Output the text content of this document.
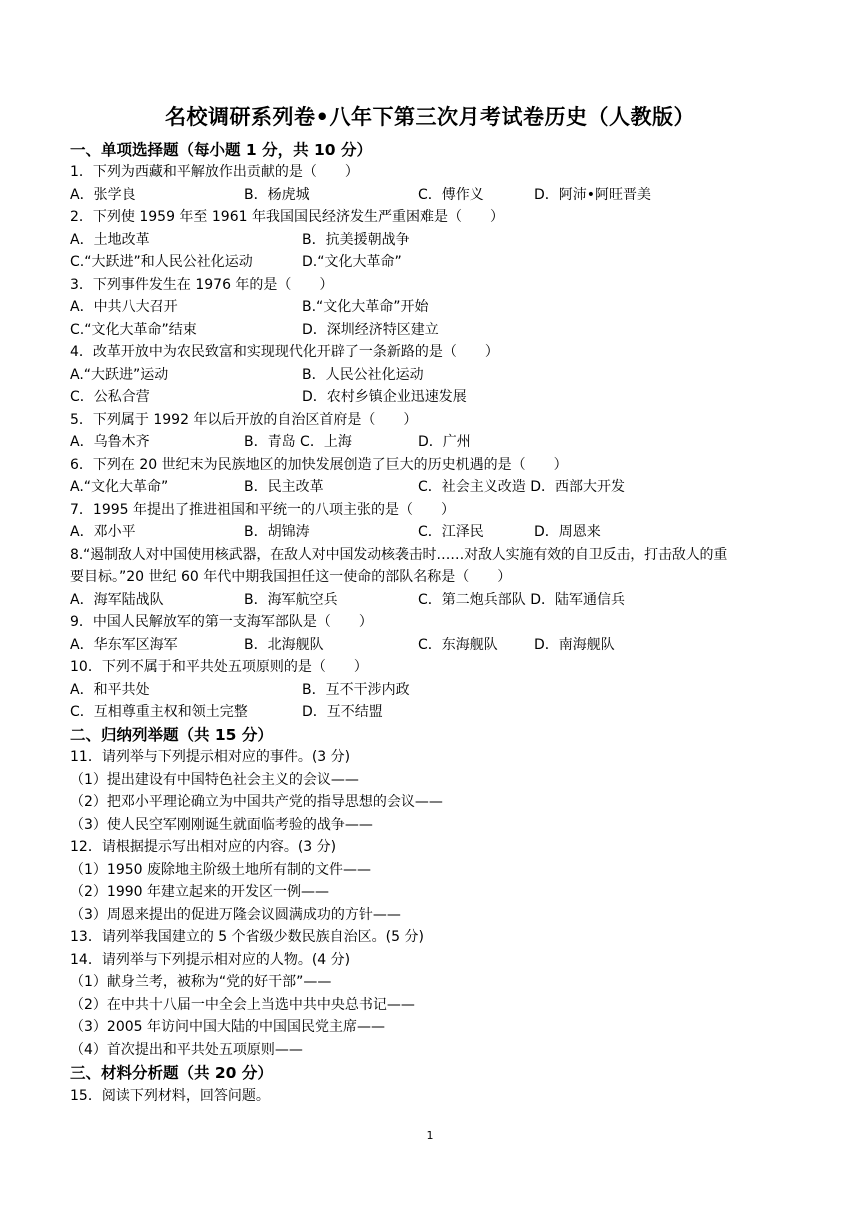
名校调研系列卷•八年下第三次月考试卷历史（人教版）
一、单项选择题（每小题 1 分，共 10 分）
1．下列为西藏和平解放作出贡献的是（　　）
A．张学良	B．杨虎城	C．傅作义	D．阿沛•阿旺晋美
2．下列使 1959 年至 1961 年我国国民经济发生严重困难是（　　）
A．土地改革	B．抗美援朝战争
C.“大跃进”和人民公社化运动	D.“文化大革命”
3．下列事件发生在 1976 年的是（　　）
A．中共八大召开	B.“文化大革命”开始
C.“文化大革命”结束	D．深圳经济特区建立
4．改革开放中为农民致富和实现现代化开辟了一条新路的是（　　）
A.“大跃进”运动	B．人民公社化运动
C．公私合营	D．农村乡镇企业迅速发展
5．下列属于 1992 年以后开放的自治区首府是（　　）
A．乌鲁木齐	B．青岛 C．上海	D．广州
6．下列在 20 世纪末为民族地区的加快发展创造了巨大的历史机遇的是（　　）
A.“文化大革命”	B．民主改革	C．社会主义改造 D．西部大开发
7．1995 年提出了推进祖国和平统一的八项主张的是（　　）
A．邓小平	B．胡锦涛	C．江泽民	D．周恩来
8.“遏制敌人对中国使用核武器，在敌人对中国发动核袭击时……对敌人实施有效的自卫反击，打击敌人的重
要目标。”20 世纪 60 年代中期我国担任这一使命的部队名称是（　　）
A．海军陆战队	B．海军航空兵	C．第二炮兵部队 D．陆军通信兵
9．中国人民解放军的第一支海军部队是（　　）
A．华东军区海军	B．北海舰队	C．东海舰队	D．南海舰队
10．下列不属于和平共处五项原则的是（　　）
A．和平共处	B．互不干涉内政
C．互相尊重主权和领土完整	D．互不结盟
二、归纳列举题（共 15 分）
11．请列举与下列提示相对应的事件。(3 分)
（1）提出建设有中国特色社会主义的会议——
（2）把邓小平理论确立为中国共产党的指导思想的会议——
（3）使人民空军刚刚诞生就面临考验的战争——
12．请根据提示写出相对应的内容。(3 分)
（1）1950 废除地主阶级土地所有制的文件——
（2）1990 年建立起来的开发区一例——
（3）周恩来提出的促进万隆会议圆满成功的方针——
13．请列举我国建立的 5 个省级少数民族自治区。(5 分)
14．请列举与下列提示相对应的人物。(4 分)
（1）献身兰考，被称为“党的好干部”——
（2）在中共十八届一中全会上当选中共中央总书记——
（3）2005 年访问中国大陆的中国国民党主席——
（4）首次提出和平共处五项原则——
三、材料分析题（共 20 分）
15．阅读下列材料，回答问题。
1
